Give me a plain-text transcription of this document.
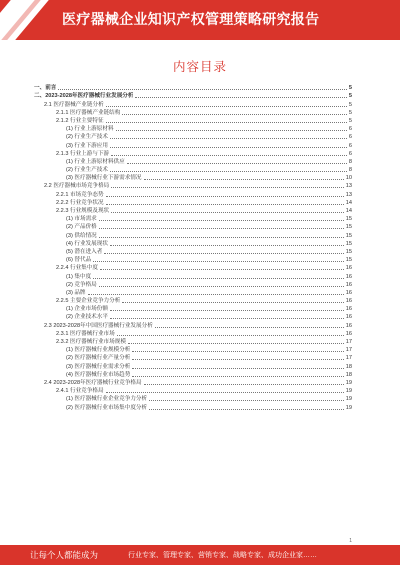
医疗器械企业知识产权管理策略研究报告
内容目录
一、前言	5
二、2023-2028年医疗器械行业发展分析	5
2.1 医疗器械产业链分析	5
2.1.1 医疗器械产业链结构	5
2.1.2 行业主要特征	5
(1) 行业上游原材料	6
(2) 行业生产技术	6
(3) 行业下游应用	6
2.1.3 行业上游与下游	6
(1) 行业上游原材料供应	8
(2) 行业生产技术	8
(3) 医疗器械行业下游需求情况	10
2.2 医疗器械市场竞争格局	13
2.2.1 市场竞争态势	13
2.2.2 行业竞争状况	14
2.2.3 行业规模及现状	14
(1) 市场需求	15
(2) 产品价格	15
(3) 供给情况	15
(4) 行业发展现状	15
(5) 潜在进入者	15
(6) 替代品	15
2.2.4 行业集中度	16
(1) 集中度	16
(2) 竞争格局	16
(3) 品牌	16
2.2.5 主要企业竞争力分析	16
(1) 企业市场份额	16
(2) 企业技术水平	16
2.3 2023-2028年中国医疗器械行业发展分析	16
2.3.1 医疗器械行业市场	16
2.3.2 医疗器械行业市场规模	17
(1) 医疗器械行业规模分析	17
(2) 医疗器械行业产量分析	17
(3) 医疗器械行业需求分析	18
(4) 医疗器械行业市场趋势	18
2.4 2023-2028年医疗器械行业竞争格局	19
2.4.1 行业竞争格局	19
(1) 医疗器械行业企业竞争力分析	19
(2) 医疗器械行业市场集中度分析	19
1
让每个人都能成为	行业专家、管理专家、营销专家、战略专家、成功企业家……
